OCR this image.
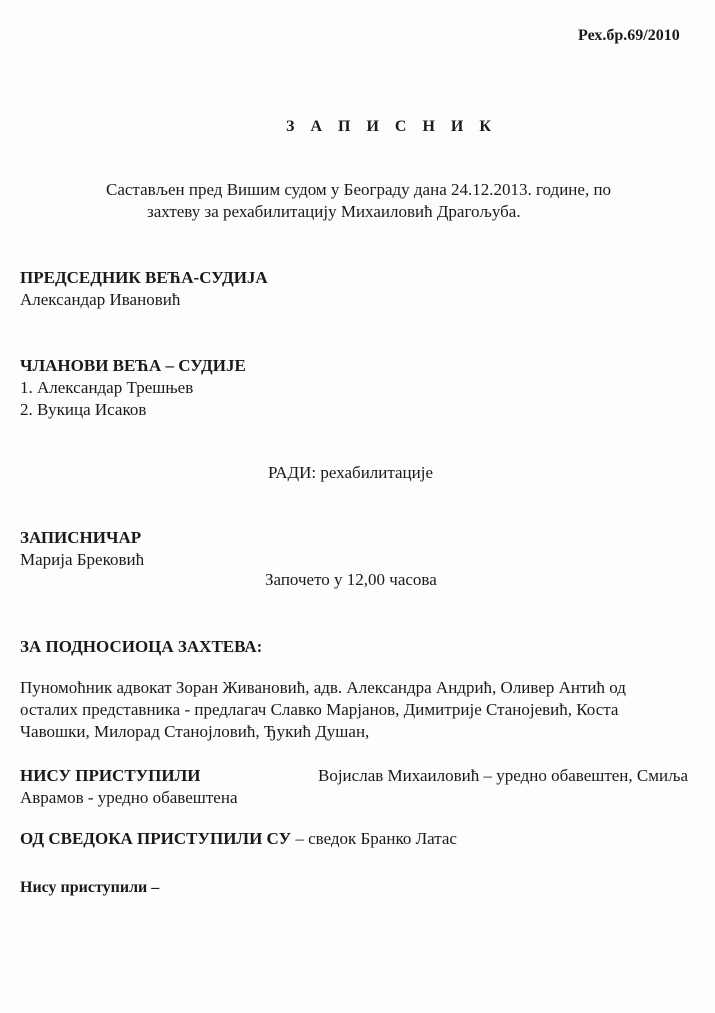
Рех.бр.69/2010
З А П И С Н И К
Састављен пред Вишим судом у Београду дана 24.12.2013. године, по
захтеву за рехабилитацију Михаиловић Драгољуба.
ПРЕДСЕДНИК ВЕЋА-СУДИЈА
Александар Ивановић
ЧЛАНОВИ ВЕЋА – СУДИЈЕ
1. Александар Трешњев
2. Вукица Исаков
РАДИ: рехабилитације
ЗАПИСНИЧАР
Марија Брековић
Започето у 12,00 часова
ЗА ПОДНОСИОЦА ЗАХТЕВА:
Пуномоћник адвокат Зоран Живановић, адв. Александра Андрић, Оливер Антић од
осталих представника - предлагач Славко Марјанов, Димитрије Станојевић, Коста
Чавошки, Милорад Станојловић, Ђукић Душан,
НИСУ ПРИСТУПИЛИ	Војислав Михаиловић – уредно обавештен, Смиља
Аврамов - уредно обавештена
ОД СВЕДОКА ПРИСТУПИЛИ СУ – сведок Бранко Латас
Нису приступили –
